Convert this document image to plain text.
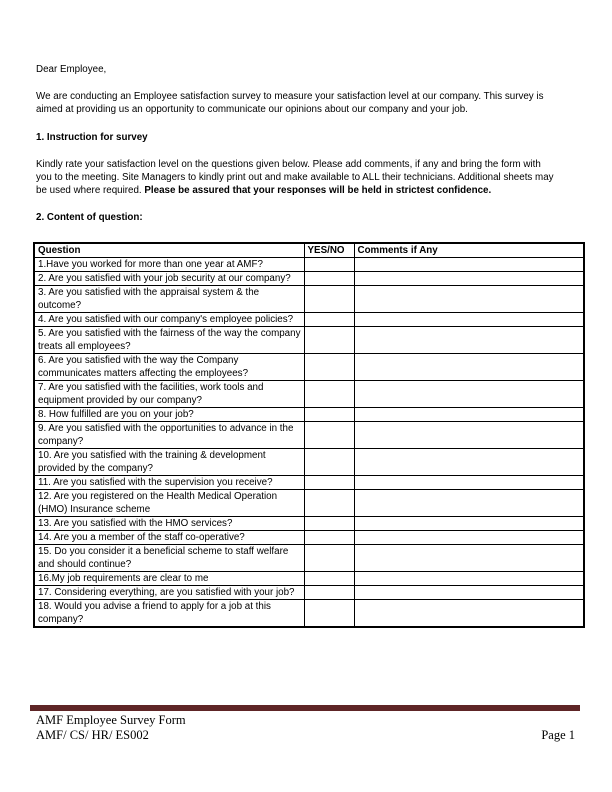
Dear Employee,
We are conducting an Employee satisfaction survey to measure your satisfaction level at our company. This survey is
aimed at providing us an opportunity to communicate our opinions about our company and your job.
1. Instruction for survey
Kindly rate your satisfaction level on the questions given below. Please add comments, if any and bring the form with
you to the meeting. Site Managers to kindly print out and make available to ALL their technicians. Additional sheets may
be used where required. Please be assured that your responses will be held in strictest confidence.
2. Content of question:
Question	YES/NO	Comments if Any
1.Have you worked for more than one year at AMF?		
2. Are you satisfied with your job security at our company?		
3. Are you satisfied with the appraisal system & the outcome?		
4. Are you satisfied with our company's employee policies?		
5. Are you satisfied with the fairness of the way the company treats all employees?		
6. Are you satisfied with the way the Company communicates matters affecting the employees?		
7. Are you satisfied with the facilities, work tools and equipment provided by our company?		
8. How fulfilled are you on your job?		
9. Are you satisfied with the opportunities to advance in the company?		
10. Are you satisfied with the training & development provided by the company?		
11. Are you satisfied with the supervision you receive?		
12. Are you registered on the Health Medical Operation (HMO) Insurance scheme		
13. Are you satisfied with the HMO services?		
14. Are you a member of the staff co-operative?		
15. Do you consider it a beneficial scheme to staff welfare and should continue?		
16.My job requirements are clear to me		
17. Considering everything, are you satisfied with your job?		
18. Would you advise a friend to apply for a job at this company?		
AMF Employee Survey Form
AMF/ CS/ HR/ ES002	Page 1
